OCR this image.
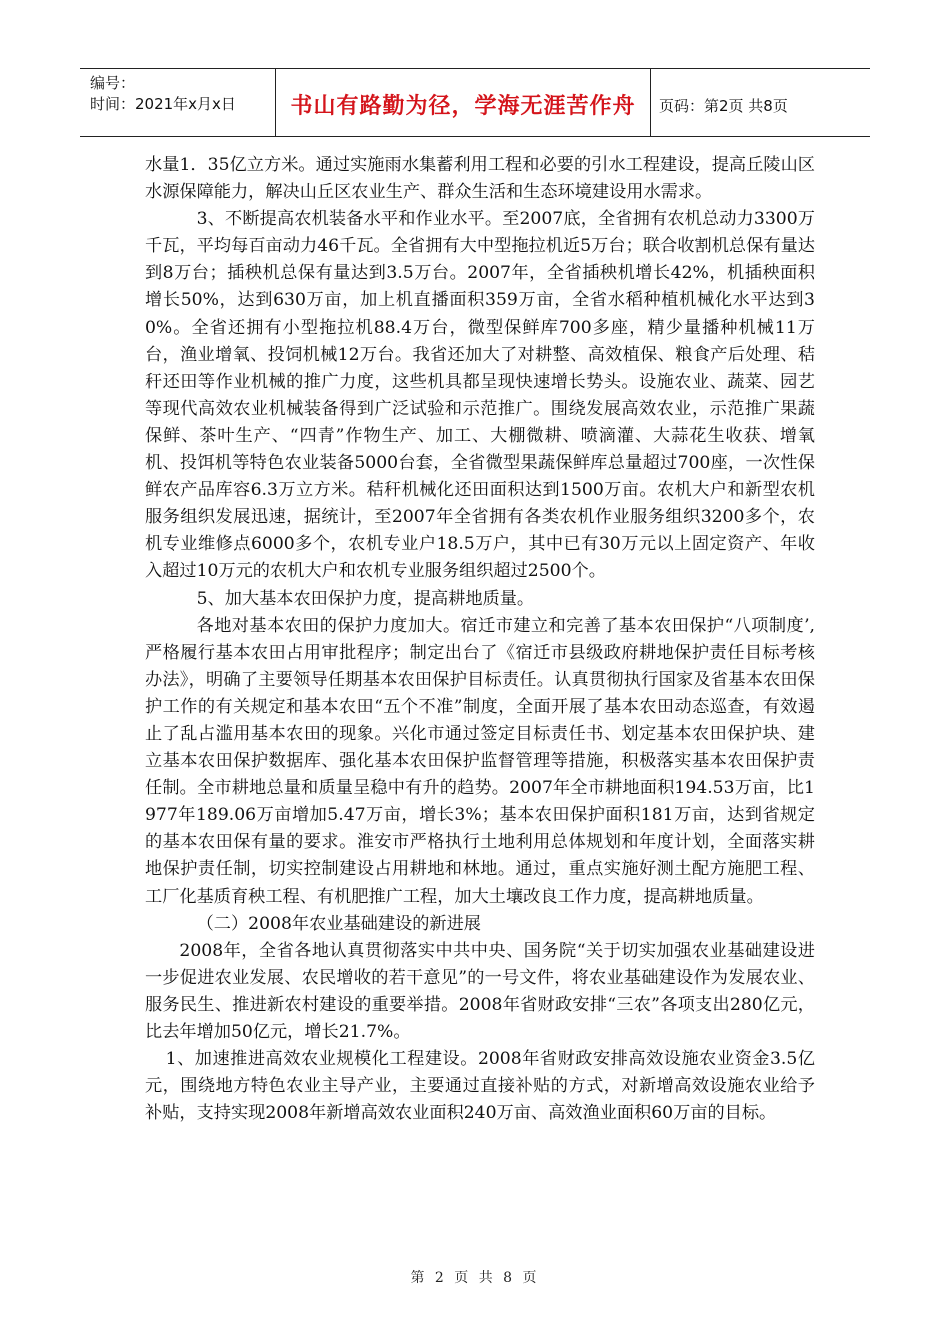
编号：
时间：2021年x月x日	书山有路勤为径，学海无涯苦作舟	页码：第2页 共8页

水量1．35亿立方米。通过实施雨水集蓄利用工程和必要的引水工程建设，提高丘陵山区水源保障能力，解决山丘区农业生产、群众生活和生态环境建设用水需求。

3、不断提高农机装备水平和作业水平。至2007底，全省拥有农机总动力3300万千瓦，平均每百亩动力46千瓦。全省拥有大中型拖拉机近5万台；联合收割机总保有量达到8万台；插秧机总保有量达到3.5万台。2007年，全省插秧机增长42%，机插秧面积增长50%，达到630万亩，加上机直播面积359万亩，全省水稻种植机械化水平达到30%。全省还拥有小型拖拉机88.4万台，微型保鲜库700多座，精少量播种机械11万台，渔业增氧、投饲机械12万台。我省还加大了对耕整、高效植保、粮食产后处理、秸秆还田等作业机械的推广力度，这些机具都呈现快速增长势头。设施农业、蔬菜、园艺等现代高效农业机械装备得到广泛试验和示范推广。围绕发展高效农业，示范推广果蔬保鲜、茶叶生产、“四青”作物生产、加工、大棚微耕、喷滴灌、大蒜花生收获、增氧机、投饵机等特色农业装备5000台套，全省微型果蔬保鲜库总量超过700座，一次性保鲜农产品库容6.3万立方米。秸秆机械化还田面积达到1500万亩。农机大户和新型农机服务组织发展迅速，据统计，至2007年全省拥有各类农机作业服务组织3200多个，农机专业维修点6000多个，农机专业户18.5万户，其中已有30万元以上固定资产、年收入超过10万元的农机大户和农机专业服务组织超过2500个。

5、加大基本农田保护力度，提高耕地质量。

各地对基本农田的保护力度加大。宿迁市建立和完善了基本农田保护“八项制度’,严格履行基本农田占用审批程序；制定出台了《宿迁市县级政府耕地保护责任目标考核办法》，明确了主要领导任期基本农田保护目标责任。认真贯彻执行国家及省基本农田保护工作的有关规定和基本农田“五个不准”制度，全面开展了基本农田动态巡查，有效遏止了乱占滥用基本农田的现象。兴化市通过签定目标责任书、划定基本农田保护块、建立基本农田保护数据库、强化基本农田保护监督管理等措施，积极落实基本农田保护责任制。全市耕地总量和质量呈稳中有升的趋势。2007年全市耕地面积194.53万亩，比1977年189.06万亩增加5.47万亩，增长3%；基本农田保护面积181万亩，达到省规定的基本农田保有量的要求。淮安市严格执行土地利用总体规划和年度计划，全面落实耕地保护责任制，切实控制建设占用耕地和林地。通过，重点实施好测土配方施肥工程、工厂化基质育秧工程、有机肥推广工程，加大土壤改良工作力度，提高耕地质量。

（二）2008年农业基础建设的新进展

2008年，全省各地认真贯彻落实中共中央、国务院“关于切实加强农业基础建设进一步促进农业发展、农民增收的若干意见”的一号文件，将农业基础建设作为发展农业、服务民生、推进新农村建设的重要举措。2008年省财政安排“三农”各项支出280亿元，比去年增加50亿元，增长21.7%。

1、加速推进高效农业规模化工程建设。2008年省财政安排高效设施农业资金3.5亿元，围绕地方特色农业主导产业，主要通过直接补贴的方式，对新增高效设施农业给予补贴，支持实现2008年新增高效农业面积240万亩、高效渔业面积60万亩的目标。

第 2 页 共 8 页
